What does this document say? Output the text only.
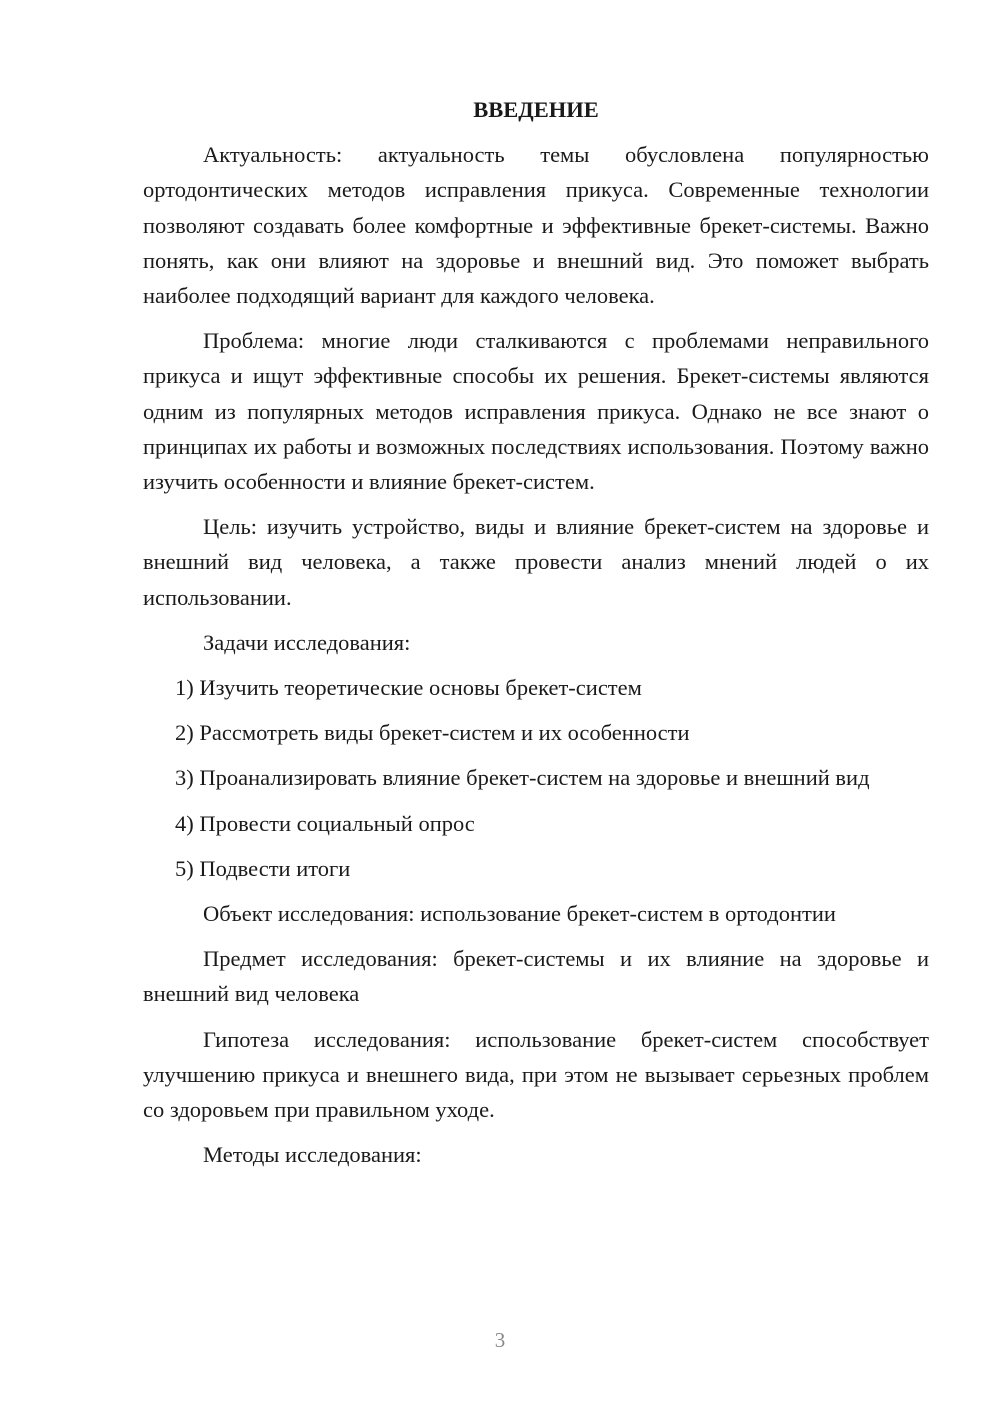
ВВЕДЕНИЕ

Актуальность: актуальность темы обусловлена популярностью ортодонтических методов исправления прикуса. Современные технологии позволяют создавать более комфортные и эффективные брекет-системы. Важно понять, как они влияют на здоровье и внешний вид. Это поможет выбрать наиболее подходящий вариант для каждого человека.

Проблема: многие люди сталкиваются с проблемами неправильного прикуса и ищут эффективные способы их решения. Брекет-системы являются одним из популярных методов исправления прикуса. Однако не все знают о принципах их работы и возможных последствиях использования. Поэтому важно изучить особенности и влияние брекет-систем.

Цель: изучить устройство, виды и влияние брекет-систем на здоровье и внешний вид человека, а также провести анализ мнений людей о их использовании.

Задачи исследования:

1) Изучить теоретические основы брекет-систем

2) Рассмотреть виды брекет-систем и их особенности

3) Проанализировать влияние брекет-систем на здоровье и внешний вид

4) Провести социальный опрос

5) Подвести итоги

Объект исследования: использование брекет-систем в ортодонтии

Предмет исследования: брекет-системы и их влияние на здоровье и внешний вид человека

Гипотеза исследования: использование брекет-систем способствует улучшению прикуса и внешнего вида, при этом не вызывает серьезных проблем со здоровьем при правильном уходе.

Методы исследования:

3
